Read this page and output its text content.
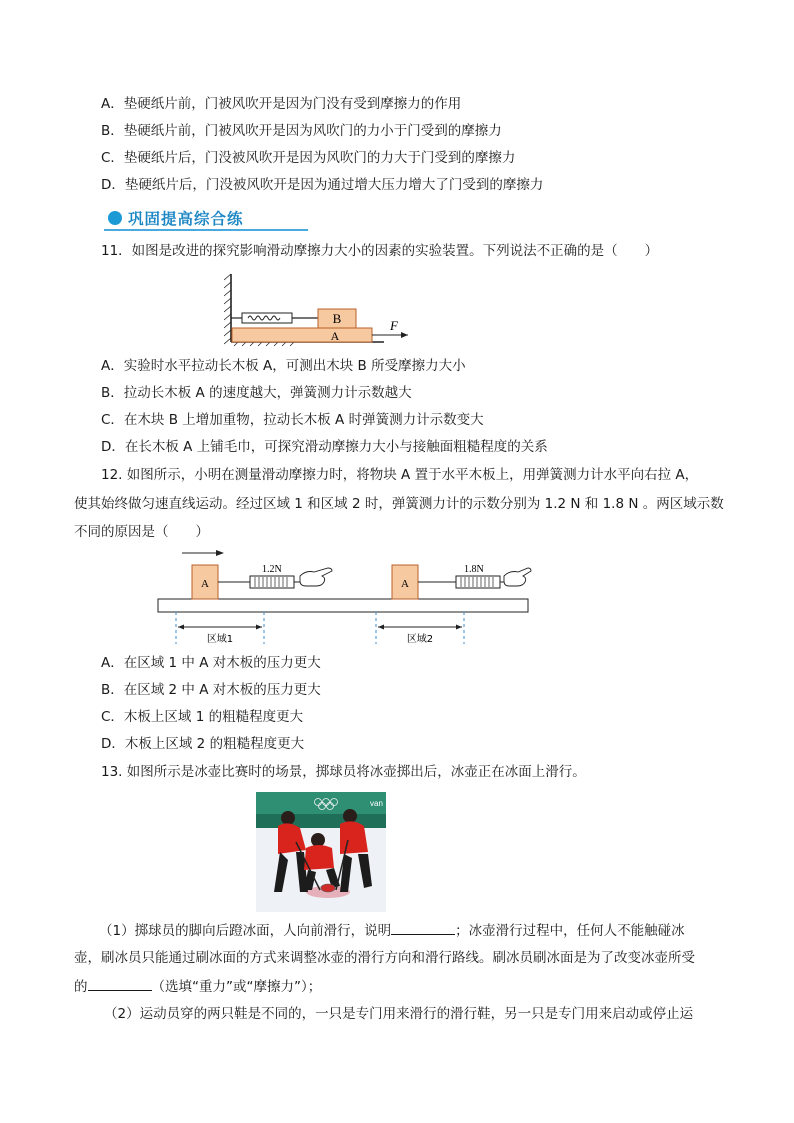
A．垫硬纸片前，门被风吹开是因为门没有受到摩擦力的作用
B．垫硬纸片前，门被风吹开是因为风吹门的力小于门受到的摩擦力
C．垫硬纸片后，门没被风吹开是因为风吹门的力大于门受到的摩擦力
D．垫硬纸片后，门没被风吹开是因为通过增大压力增大了门受到的摩擦力
巩固提高综合练
11．如图是改进的探究影响滑动摩擦力大小的因素的实验装置。下列说法不正确的是（　　）
B
A
F
A．实验时水平拉动长木板 A，可测出木块 B 所受摩擦力大小
B．拉动长木板 A 的速度越大，弹簧测力计示数越大
C．在木块 B 上增加重物，拉动长木板 A 时弹簧测力计示数变大
D．在长木板 A 上铺毛巾，可探究滑动摩擦力大小与接触面粗糙程度的关系
12. 如图所示，小明在测量滑动摩擦力时，将物块 A 置于水平木板上，用弹簧测力计水平向右拉 A，
使其始终做匀速直线运动。经过区域 1 和区域 2 时，弹簧测力计的示数分别为 1.2 N 和 1.8 N 。两区域示数
不同的原因是（　　）
A
1.2N
A
1.8N
区域1	区域2
A．在区域 1 中 A 对木板的压力更大
B．在区域 2 中 A 对木板的压力更大
C．木板上区域 1 的粗糙程度更大
D．木板上区域 2 的粗糙程度更大
13. 如图所示是冰壶比赛时的场景，掷球员将冰壶掷出后，冰壶正在冰面上滑行。
van
（1）掷球员的脚向后蹬冰面，人向前滑行，说明	；冰壶滑行过程中，任何人不能触碰冰
壶，刷冰员只能通过刷冰面的方式来调整冰壶的滑行方向和滑行路线。刷冰员刷冰面是为了改变冰壶所受
的	（选填“重力”或“摩擦力”）；
（2）运动员穿的两只鞋是不同的，一只是专门用来滑行的滑行鞋，另一只是专门用来启动或停止运
